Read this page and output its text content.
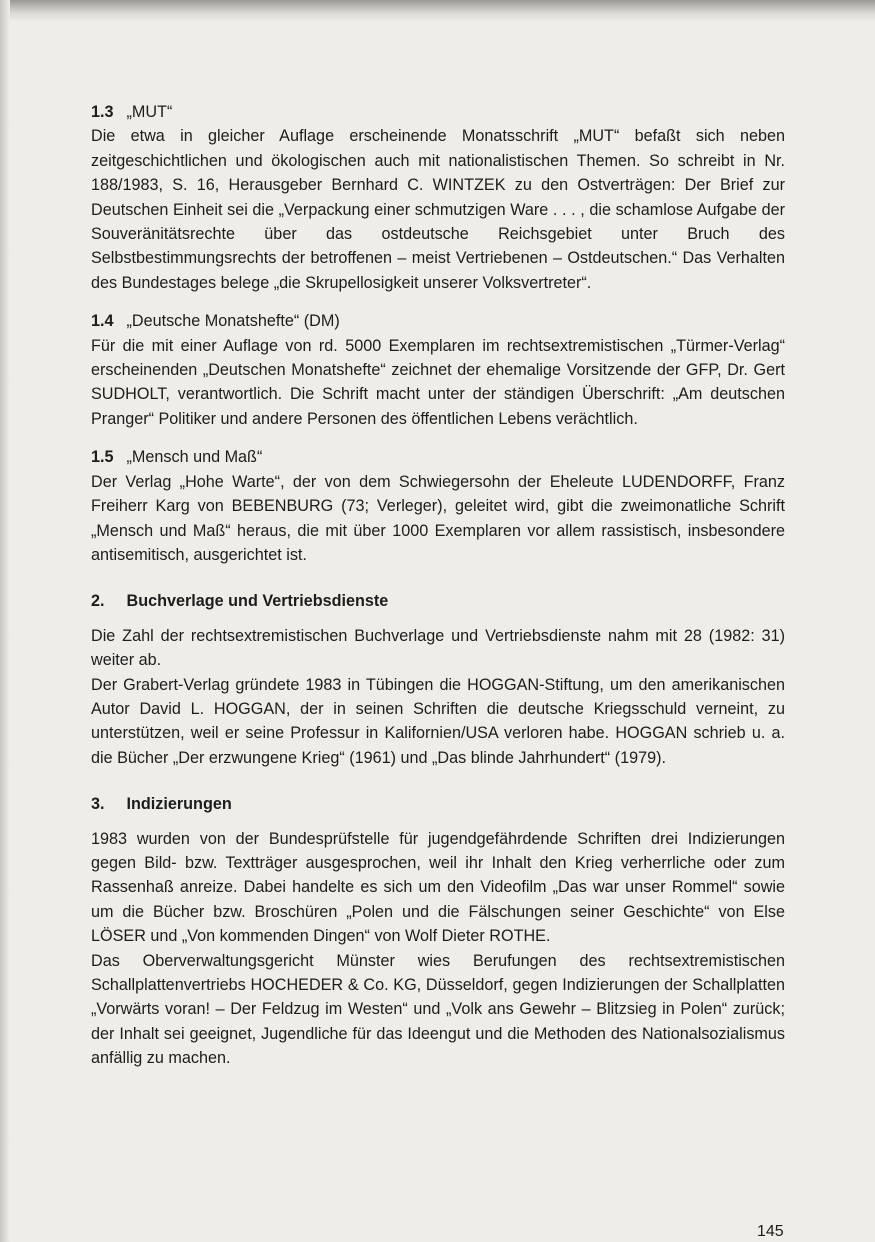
1.3 „MUT“

Die etwa in gleicher Auflage erscheinende Monatsschrift „MUT“ befaßt sich neben zeitgeschichtlichen und ökologischen auch mit nationalistischen Themen. So schreibt in Nr. 188/1983, S. 16, Herausgeber Bernhard C. WINTZEK zu den Ostverträgen: Der Brief zur Deutschen Einheit sei die „Verpackung einer schmutzigen Ware . . . , die schamlose Aufgabe der Souveränitätsrechte über das ostdeutsche Reichsgebiet unter Bruch des Selbstbestimmungsrechts der betroffenen – meist Vertriebenen – Ostdeutschen.“ Das Verhalten des Bundestages belege „die Skrupellosigkeit unserer Volksvertreter“.

1.4 „Deutsche Monatshefte“ (DM)

Für die mit einer Auflage von rd. 5000 Exemplaren im rechtsextremistischen „Türmer-Verlag“ erscheinenden „Deutschen Monatshefte“ zeichnet der ehemalige Vorsitzende der GFP, Dr. Gert SUDHOLT, verantwortlich. Die Schrift macht unter der ständigen Überschrift: „Am deutschen Pranger“ Politiker und andere Personen des öffentlichen Lebens verächtlich.

1.5 „Mensch und Maß“

Der Verlag „Hohe Warte“, der von dem Schwiegersohn der Eheleute LUDENDORFF, Franz Freiherr Karg von BEBENBURG (73; Verleger), geleitet wird, gibt die zweimonatliche Schrift „Mensch und Maß“ heraus, die mit über 1000 Exemplaren vor allem rassistisch, insbesondere antisemitisch, ausgerichtet ist.

2. Buchverlage und Vertriebsdienste

Die Zahl der rechtsextremistischen Buchverlage und Vertriebsdienste nahm mit 28 (1982: 31) weiter ab.

Der Grabert-Verlag gründete 1983 in Tübingen die HOGGAN-Stiftung, um den amerikanischen Autor David L. HOGGAN, der in seinen Schriften die deutsche Kriegsschuld verneint, zu unterstützen, weil er seine Professur in Kalifornien/USA verloren habe. HOGGAN schrieb u. a. die Bücher „Der erzwungene Krieg“ (1961) und „Das blinde Jahrhundert“ (1979).

3. Indizierungen

1983 wurden von der Bundesprüfstelle für jugendgefährdende Schriften drei Indizierungen gegen Bild- bzw. Textträger ausgesprochen, weil ihr Inhalt den Krieg verherrliche oder zum Rassenhaß anreize. Dabei handelte es sich um den Videofilm „Das war unser Rommel“ sowie um die Bücher bzw. Broschüren „Polen und die Fälschungen seiner Geschichte“ von Else LÖSER und „Von kommenden Dingen“ von Wolf Dieter ROTHE.

Das Oberverwaltungsgericht Münster wies Berufungen des rechtsextremistischen Schallplattenvertriebs HOCHEDER & Co. KG, Düsseldorf, gegen Indizierungen der Schallplatten „Vorwärts voran! – Der Feldzug im Westen“ und „Volk ans Gewehr – Blitzsieg in Polen“ zurück; der Inhalt sei geeignet, Jugendliche für das Ideengut und die Methoden des Nationalsozialismus anfällig zu machen.

145
